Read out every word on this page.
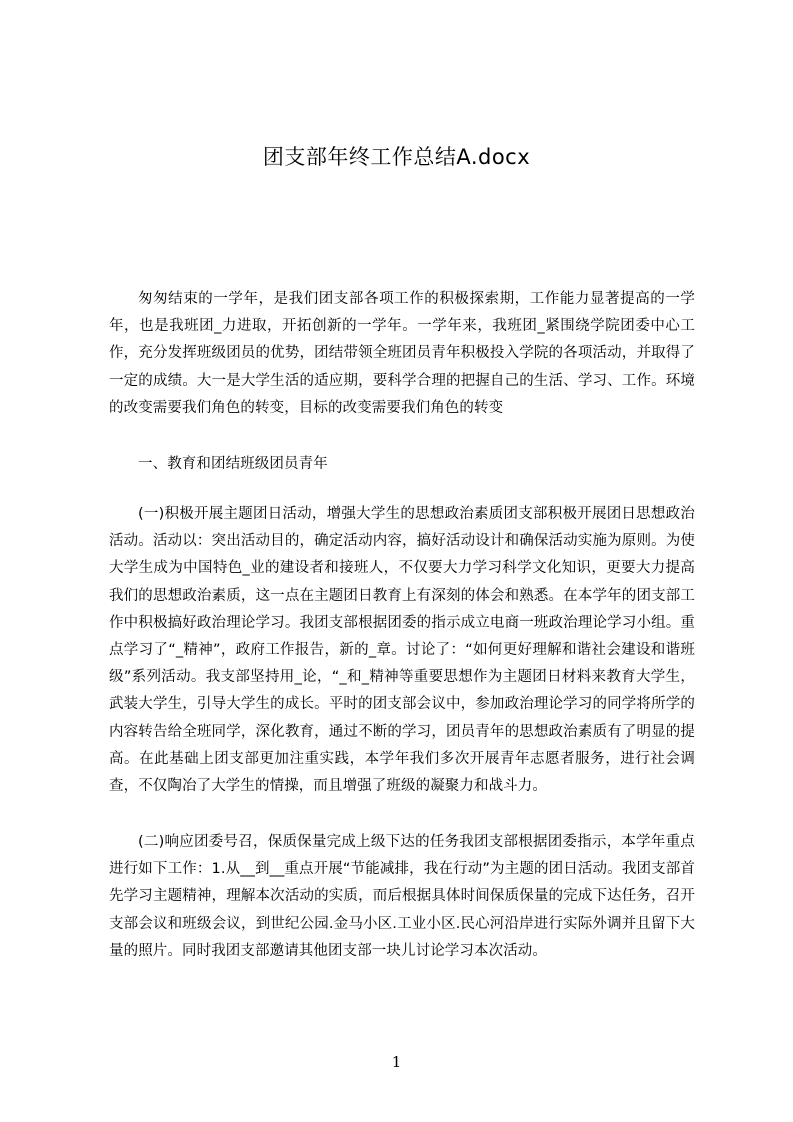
团支部年终工作总结A.docx

匆匆结束的一学年，是我们团支部各项工作的积极探索期，工作能力显著提高的一学年，也是我班团_力进取，开拓创新的一学年。一学年来，我班团_紧围绕学院团委中心工作，充分发挥班级团员的优势，团结带领全班团员青年积极投入学院的各项活动，并取得了一定的成绩。大一是大学生活的适应期，要科学合理的把握自己的生活、学习、工作。环境的改变需要我们角色的转变，目标的改变需要我们角色的转变

一、教育和团结班级团员青年

(一)积极开展主题团日活动，增强大学生的思想政治素质团支部积极开展团日思想政治活动。活动以：突出活动目的，确定活动内容，搞好活动设计和确保活动实施为原则。为使大学生成为中国特色_业的建设者和接班人，不仅要大力学习科学文化知识，更要大力提高我们的思想政治素质，这一点在主题团日教育上有深刻的体会和熟悉。在本学年的团支部工作中积极搞好政治理论学习。我团支部根据团委的指示成立电商一班政治理论学习小组。重点学习了“_精神”，政府工作报告，新的_章。讨论了：“如何更好理解和谐社会建设和谐班级”系列活动。我支部坚持用_论，“_和_精神等重要思想作为主题团日材料来教育大学生，武装大学生，引导大学生的成长。平时的团支部会议中，参加政治理论学习的同学将所学的内容转告给全班同学，深化教育，通过不断的学习，团员青年的思想政治素质有了明显的提高。在此基础上团支部更加注重实践，本学年我们多次开展青年志愿者服务，进行社会调查，不仅陶冶了大学生的情操，而且增强了班级的凝聚力和战斗力。

(二)响应团委号召，保质保量完成上级下达的任务我团支部根据团委指示，本学年重点进行如下工作：1.从__到__重点开展“节能减排，我在行动”为主题的团日活动。我团支部首先学习主题精神，理解本次活动的实质，而后根据具体时间保质保量的完成下达任务，召开支部会议和班级会议，到世纪公园.金马小区.工业小区.民心河沿岸进行实际外调并且留下大量的照片。同时我团支部邀请其他团支部一块儿讨论学习本次活动。

1
